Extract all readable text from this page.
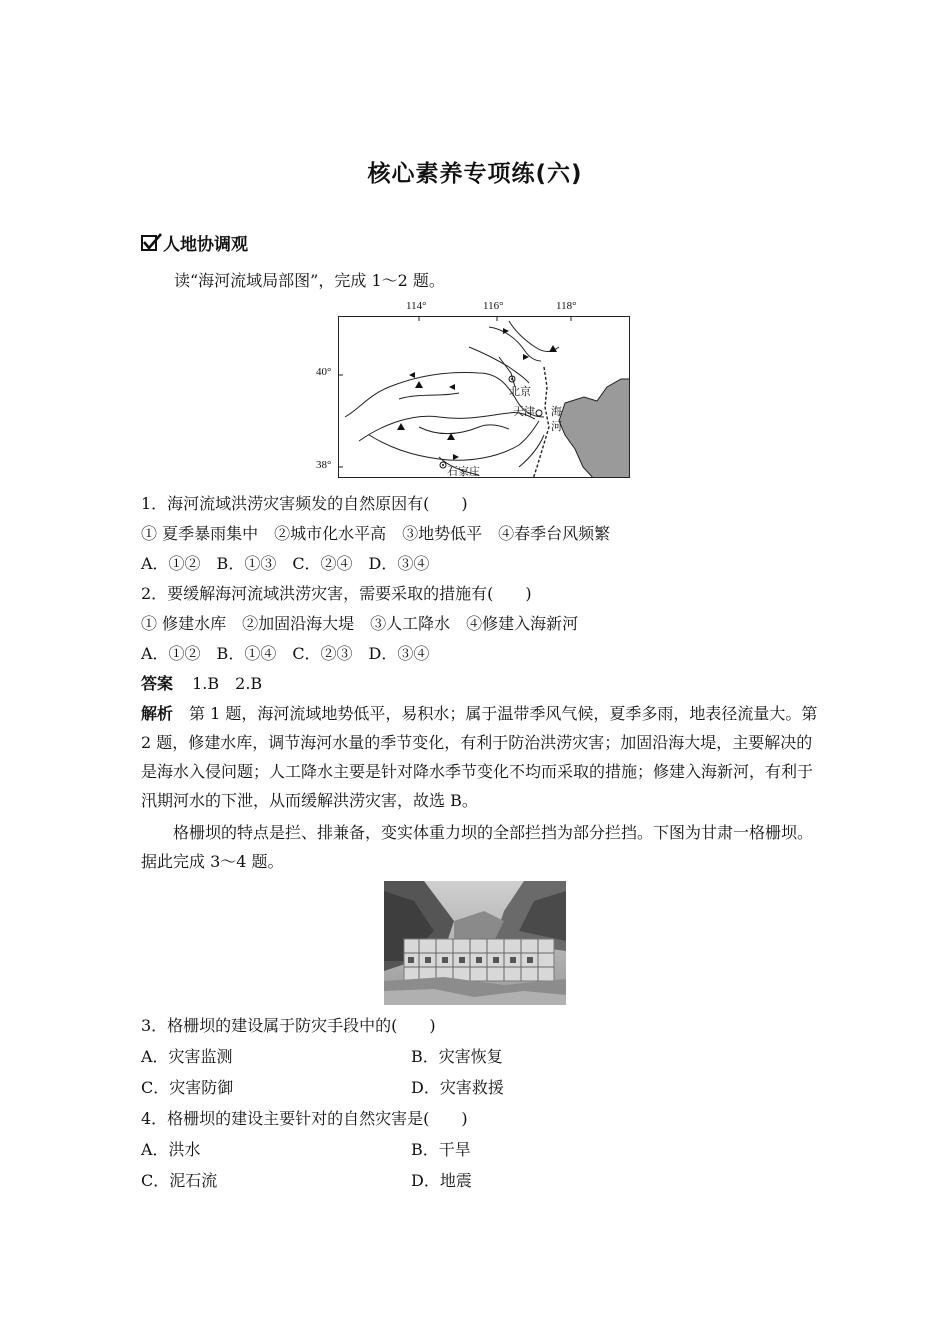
核心素养专项练(六)
人地协调观
读“海河流域局部图”，完成 1～2 题。
114°	116°	118°
40°
38°
北京
天津 海
河
石家庄
1．海河流域洪涝灾害频发的自然原因有(　　)
① 夏季暴雨集中　②城市化水平高　③地势低平　④春季台风频繁
A．①②　B．①③　C．②④　D．③④
2．要缓解海河流域洪涝灾害，需要采取的措施有(　　)
① 修建水库　②加固沿海大堤　③人工降水　④修建入海新河
A．①②　B．①④　C．②③　D．③④
答案 1.B　2.B
解析 第 1 题，海河流域地势低平，易积水；属于温带季风气候，夏季多雨，地表径流量大。第 2 题，修建水库，调节海河水量的季节变化，有利于防治洪涝灾害；加固沿海大堤，主要解决的是海水入侵问题；人工降水主要是针对降水季节变化不均而采取的措施；修建入海新河，有利于汛期河水的下泄，从而缓解洪涝灾害，故选 B。
格栅坝的特点是拦、排兼备，变实体重力坝的全部拦挡为部分拦挡。下图为甘肃一格栅坝。据此完成 3～4 题。
3．格栅坝的建设属于防灾手段中的(　　)
A．灾害监测	B．灾害恢复
C．灾害防御	D．灾害救援
4．格栅坝的建设主要针对的自然灾害是(　　)
A．洪水	B．干旱
C．泥石流	D．地震
